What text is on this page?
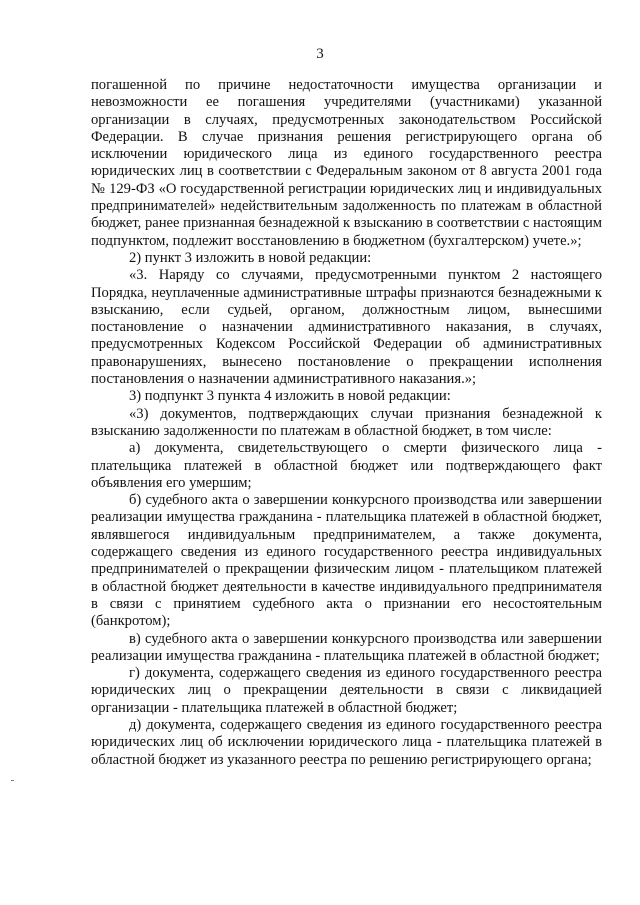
3

погашенной по причине недостаточности имущества организации и невозможности ее погашения учредителями (участниками) указанной организации в случаях, предусмотренных законодательством Российской Федерации. В случае признания решения регистрирующего органа об исключении юридического лица из единого государственного реестра юридических лиц в соответствии с Федеральным законом от 8 августа 2001 года № 129-ФЗ «О государственной регистрации юридических лиц и индивидуальных предпринимателей» недействительным задолженность по платежам в областной бюджет, ранее признанная безнадежной к взысканию в соответствии с настоящим подпунктом, подлежит восстановлению в бюджетном (бухгалтерском) учете.»;

2) пункт 3 изложить в новой редакции:

«3. Наряду со случаями, предусмотренными пунктом 2 настоящего Порядка, неуплаченные административные штрафы признаются безнадежными к взысканию, если судьей, органом, должностным лицом, вынесшими постановление о назначении административного наказания, в случаях, предусмотренных Кодексом Российской Федерации об административных правонарушениях, вынесено постановление о прекращении исполнения постановления о назначении административного наказания.»;

3) подпункт 3 пункта 4 изложить в новой редакции:

«3) документов, подтверждающих случаи признания безнадежной к взысканию задолженности по платежам в областной бюджет, в том числе:

а) документа, свидетельствующего о смерти физического лица - плательщика платежей в областной бюджет или подтверждающего факт объявления его умершим;

б) судебного акта о завершении конкурсного производства или завершении реализации имущества гражданина - плательщика платежей в областной бюджет, являвшегося индивидуальным предпринимателем, а также документа, содержащего сведения из единого государственного реестра индивидуальных предпринимателей о прекращении физическим лицом - плательщиком платежей в областной бюджет деятельности в качестве индивидуального предпринимателя в связи с принятием судебного акта о признании его несостоятельным (банкротом);

в) судебного акта о завершении конкурсного производства или завершении реализации имущества гражданина - плательщика платежей в областной бюджет;

г) документа, содержащего сведения из единого государственного реестра юридических лиц о прекращении деятельности в связи с ликвидацией организации - плательщика платежей в областной бюджет;

д) документа, содержащего сведения из единого государственного реестра юридических лиц об исключении юридического лица - плательщика платежей в областной бюджет из указанного реестра по решению регистрирующего органа;
